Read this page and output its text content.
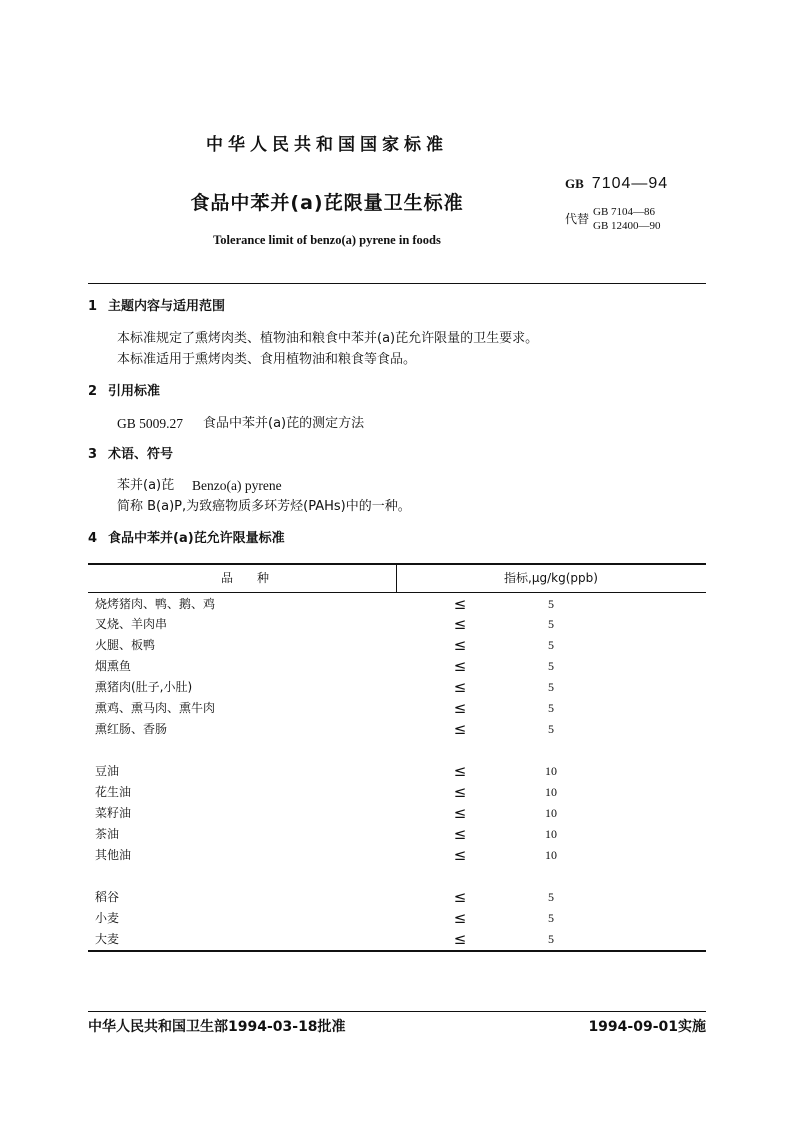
中华人民共和国国家标准
GB 7104—94
食品中苯并(a)芘限量卫生标准
代替 GB 7104—86
GB 12400—90
Tolerance limit of benzo(a) pyrene in foods
1 主题内容与适用范围
本标准规定了熏烤肉类、植物油和粮食中苯并(a)芘允许限量的卫生要求。
本标准适用于熏烤肉类、食用植物油和粮食等食品。
2 引用标准
GB 5009.27 食品中苯并(a)芘的测定方法
3 术语、符号
苯并(a)芘 Benzo(a) pyrene
简称 B(a)P,为致癌物质多环芳烃(PAHs)中的一种。
4 食品中苯并(a)芘允许限量标准
品　　种	指标,μg/kg(ppb)
烧烤猪肉、鸭、鹅、鸡	≤	5
叉烧、羊肉串	≤	5
火腿、板鸭	≤	5
烟熏鱼	≤	5
熏猪肉(肚子,小肚)	≤	5
熏鸡、熏马肉、熏牛肉	≤	5
熏红肠、香肠	≤	5
豆油	≤	10
花生油	≤	10
菜籽油	≤	10
茶油	≤	10
其他油	≤	10
稻谷	≤	5
小麦	≤	5
大麦	≤	5
中华人民共和国卫生部1994-03-18批准	1994-09-01实施
